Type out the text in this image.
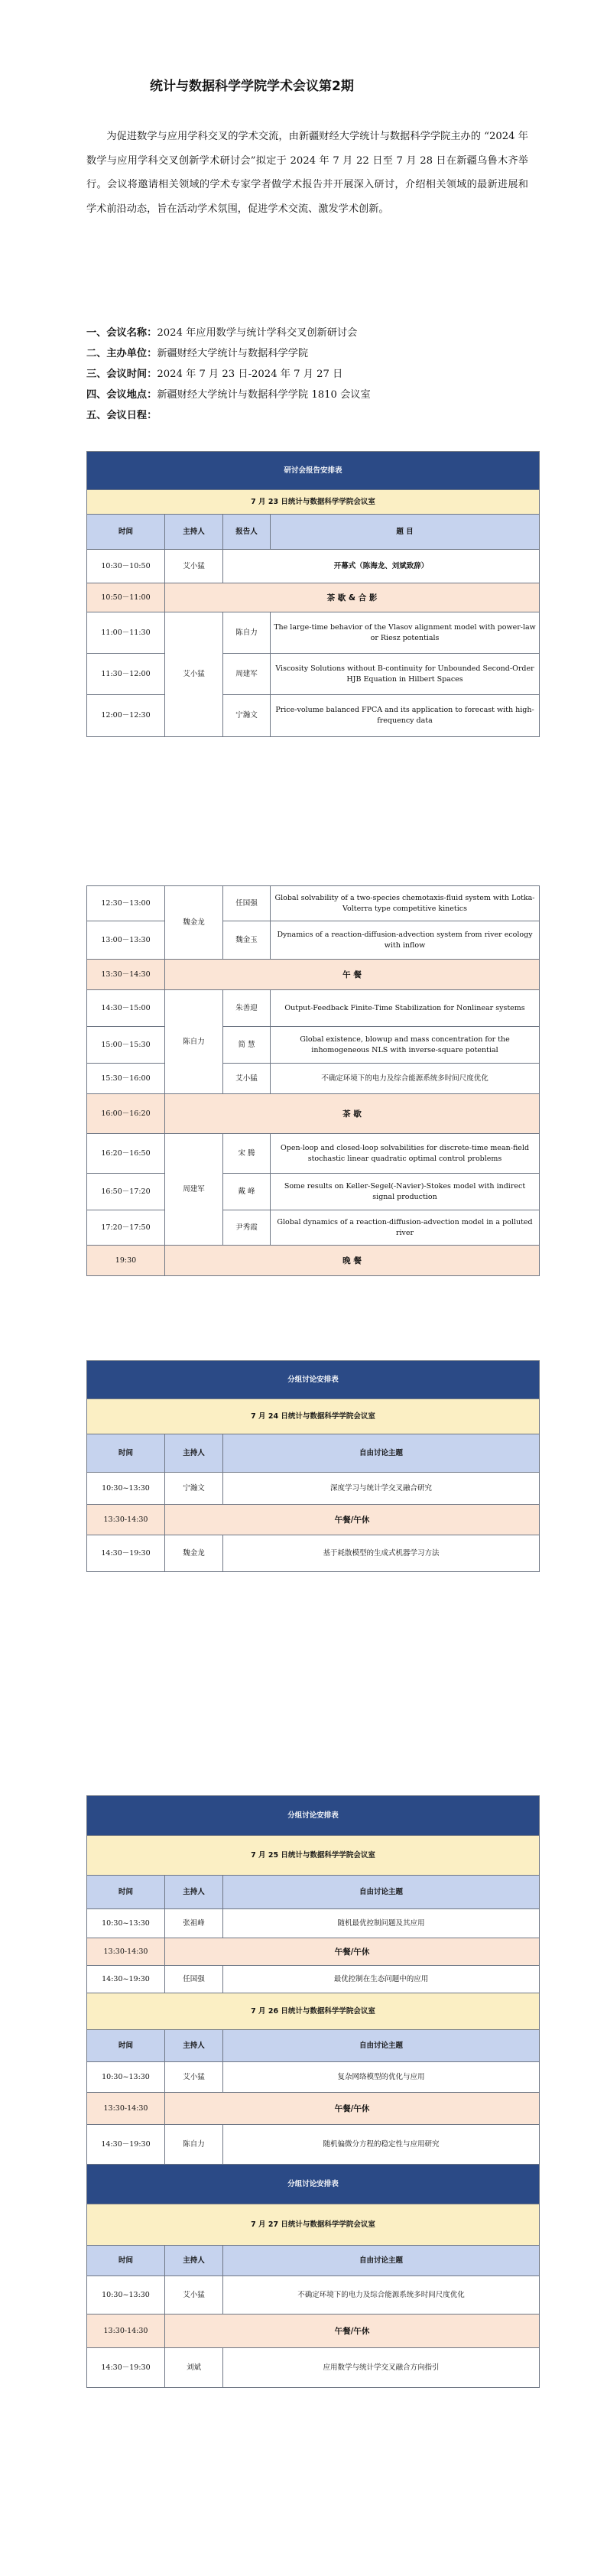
统计与数据科学学院学术会议第2期

为促进数学与应用学科交叉的学术交流，由新疆财经大学统计与数据科学学院主办的 “2024 年数学与应用学科交叉创新学术研讨会”拟定于 2024 年 7 月 22 日至 7 月 28 日在新疆乌鲁木齐举行。会议将邀请相关领域的学术专家学者做学术报告并开展深入研讨，介绍相关领域的最新进展和学术前沿动态，旨在活动学术氛围，促进学术交流、激发学术创新。

一、会议名称：2024 年应用数学与统计学科交叉创新研讨会
二、主办单位：新疆财经大学统计与数据科学学院
三、会议时间：2024 年 7 月 23 日-2024 年 7 月 27 日
四、会议地点：新疆财经大学统计与数据科学学院 1810 会议室
五、会议日程：
研讨会报告安排表			
7 月 23 日统计与数据科学学院会议室			
时间	主持人	报告人	题 目
10:30－10:50	艾小猛	开幕式（陈海龙、刘斌致辞）	
10:50－11:00	茶 歇 & 合 影		
11:00－11:30	艾小猛	陈自力	The large-time behavior of the Vlasov alignment model with power-law or Riesz potentials
11:30－12:00		周建军	Viscosity Solutions without B-continuity for Unbounded Second-Order HJB Equation in Hilbert Spaces
12:00－12:30		宁瀚文	Price-volume balanced FPCA and its application to forecast with high-frequency data
12:30－13:00	魏金龙	任国强	Global solvability of a two-species chemotaxis-fluid system with Lotka-Volterra type competitive kinetics
13:00－13:30		魏金玉	Dynamics of a reaction-diffusion-advection system from river ecology with inflow
13:30－14:30	午 餐		
14:30－15:00	陈自力	朱善迎	Output-Feedback Finite-Time Stabilization for Nonlinear systems
15:00－15:30		简 慧	Global existence, blowup and mass concentration for the inhomogeneous NLS with inverse-square potential
15:30－16:00		艾小猛	不确定环境下的电力及综合能源系统多时间尺度优化
16:00－16:20	茶 歇		
16:20－16:50	周建军	宋 腾	Open-loop and closed-loop solvabilities for discrete-time mean-field stochastic linear quadratic optimal control problems
16:50－17:20		戴 峰	Some results on Keller-Segel(-Navier)-Stokes model with indirect signal production
17:20－17:50		尹秀霞	Global dynamics of a reaction-diffusion-advection model in a polluted river
19:30	晚 餐		
分组讨论安排表		
7 月 24 日统计与数据科学学院会议室		
时间	主持人	自由讨论主题
10:30~13:30	宁瀚文	深度学习与统计学交叉融合研究
13:30-14:30	午餐/午休	
14:30－19:30	魏金龙	基于耗散模型的生成式机器学习方法
分组讨论安排表		
7 月 25 日统计与数据科学学院会议室		
时间	主持人	自由讨论主题
10:30~13:30	张祖峰	随机最优控制问题及其应用
13:30-14:30	午餐/午休	
14:30~19:30	任国强	最优控制在生态问题中的应用
7 月 26 日统计与数据科学学院会议室		
时间	主持人	自由讨论主题
10:30~13:30	艾小猛	复杂网络模型的优化与应用
13:30-14:30	午餐/午休	
14:30－19:30	陈自力	随机偏微分方程的稳定性与应用研究
分组讨论安排表		
7 月 27 日统计与数据科学学院会议室		
时间	主持人	自由讨论主题
10:30~13:30	艾小猛	不确定环境下的电力及综合能源系统多时间尺度优化
13:30-14:30	午餐/午休	
14:30－19:30	刘斌	应用数学与统计学交叉融合方向指引
